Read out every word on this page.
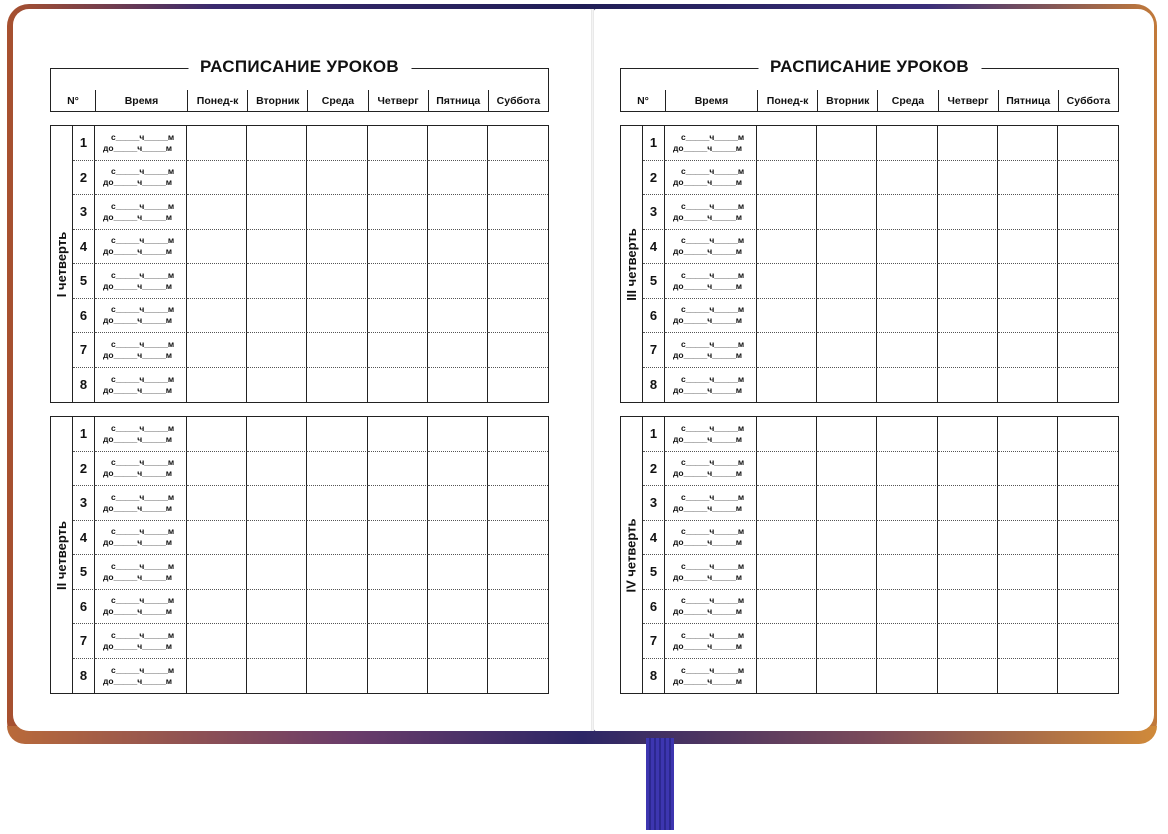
РАСПИСАНИЕ УРОКОВ
N°	Время	Понед-к	Вторник	Среда	Четверг	Пятница	Суббота
I четверть
1	с_____ч_____м
до_____ч_____м
2	с_____ч_____м
до_____ч_____м
3	с_____ч_____м
до_____ч_____м
4	с_____ч_____м
до_____ч_____м
5	с_____ч_____м
до_____ч_____м
6	с_____ч_____м
до_____ч_____м
7	с_____ч_____м
до_____ч_____м
8	с_____ч_____м
до_____ч_____м
II четверть
1	с_____ч_____м
до_____ч_____м
2	с_____ч_____м
до_____ч_____м
3	с_____ч_____м
до_____ч_____м
4	с_____ч_____м
до_____ч_____м
5	с_____ч_____м
до_____ч_____м
6	с_____ч_____м
до_____ч_____м
7	с_____ч_____м
до_____ч_____м
8	с_____ч_____м
до_____ч_____м
РАСПИСАНИЕ УРОКОВ
N°	Время	Понед-к	Вторник	Среда	Четверг	Пятница	Суббота
III четверть
1	с_____ч_____м
до_____ч_____м
2	с_____ч_____м
до_____ч_____м
3	с_____ч_____м
до_____ч_____м
4	с_____ч_____м
до_____ч_____м
5	с_____ч_____м
до_____ч_____м
6	с_____ч_____м
до_____ч_____м
7	с_____ч_____м
до_____ч_____м
8	с_____ч_____м
до_____ч_____м
IV четверть
1	с_____ч_____м
до_____ч_____м
2	с_____ч_____м
до_____ч_____м
3	с_____ч_____м
до_____ч_____м
4	с_____ч_____м
до_____ч_____м
5	с_____ч_____м
до_____ч_____м
6	с_____ч_____м
до_____ч_____м
7	с_____ч_____м
до_____ч_____м
8	с_____ч_____м
до_____ч_____м
